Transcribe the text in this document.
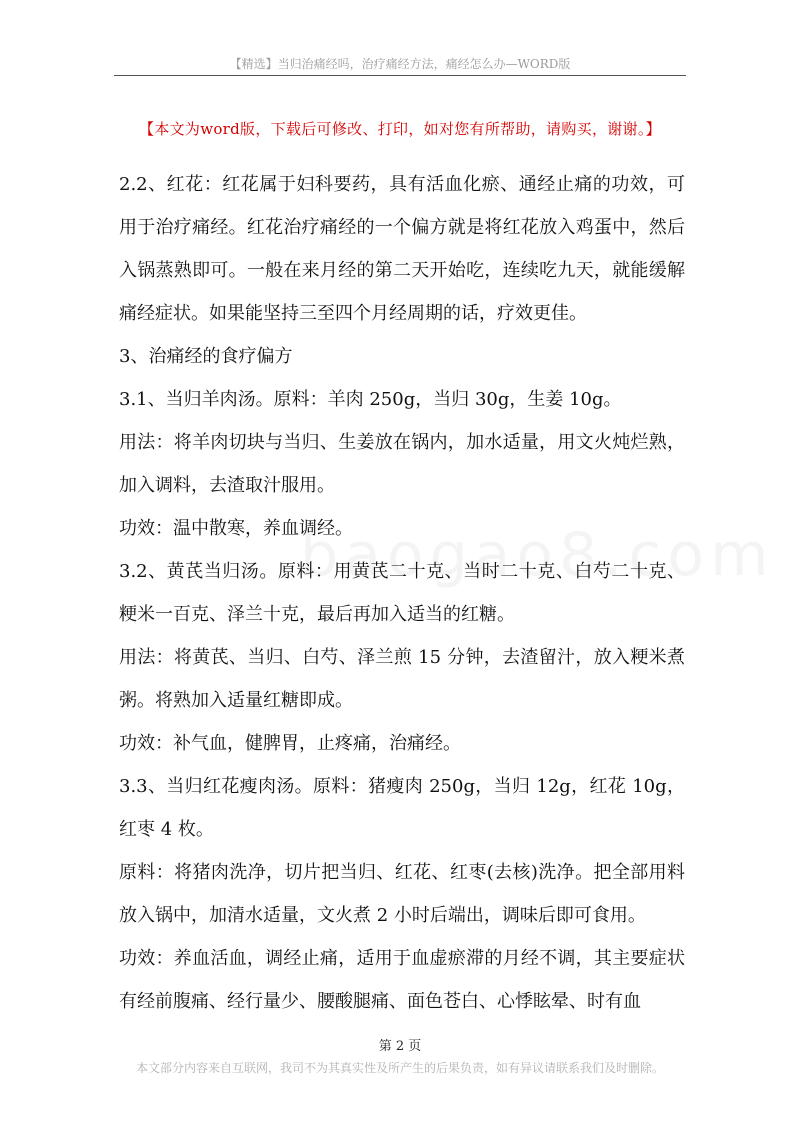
【精选】当归治痛经吗，治疗痛经方法，痛经怎么办—WORD版
【本文为word版，下载后可修改、打印，如对您有所帮助，请购买，谢谢。】

2.2、红花：红花属于妇科要药，具有活血化瘀、通经止痛的功效，可用于治疗痛经。红花治疗痛经的一个偏方就是将红花放入鸡蛋中，然后入锅蒸熟即可。一般在来月经的第二天开始吃，连续吃九天，就能缓解痛经症状。如果能坚持三至四个月经周期的话，疗效更佳。

3、治痛经的食疗偏方

3.1、当归羊肉汤。原料：羊肉 250g，当归 30g，生姜 10g。

用法：将羊肉切块与当归、生姜放在锅内，加水适量，用文火炖烂熟，加入调料，去渣取汁服用。

功效：温中散寒，养血调经。

3.2、黄芪当归汤。原料：用黄芪二十克、当时二十克、白芍二十克、粳米一百克、泽兰十克，最后再加入适当的红糖。

用法：将黄芪、当归、白芍、泽兰煎 15 分钟，去渣留汁，放入粳米煮粥。将熟加入适量红糖即成。

功效：补气血，健脾胃，止疼痛，治痛经。

3.3、当归红花瘦肉汤。原料：猪瘦肉 250g，当归 12g，红花 10g，红枣 4 枚。

原料：将猪肉洗净，切片把当归、红花、红枣(去核)洗净。把全部用料放入锅中，加清水适量，文火煮 2 小时后端出，调味后即可食用。

功效：养血活血，调经止痛，适用于血虚瘀滞的月经不调，其主要症状有经前腹痛、经行量少、腰酸腿痛、面色苍白、心悸眩晕、时有血

第 2 页
本文部分内容来自互联网，我司不为其真实性及所产生的后果负责，如有异议请联系我们及时删除。
